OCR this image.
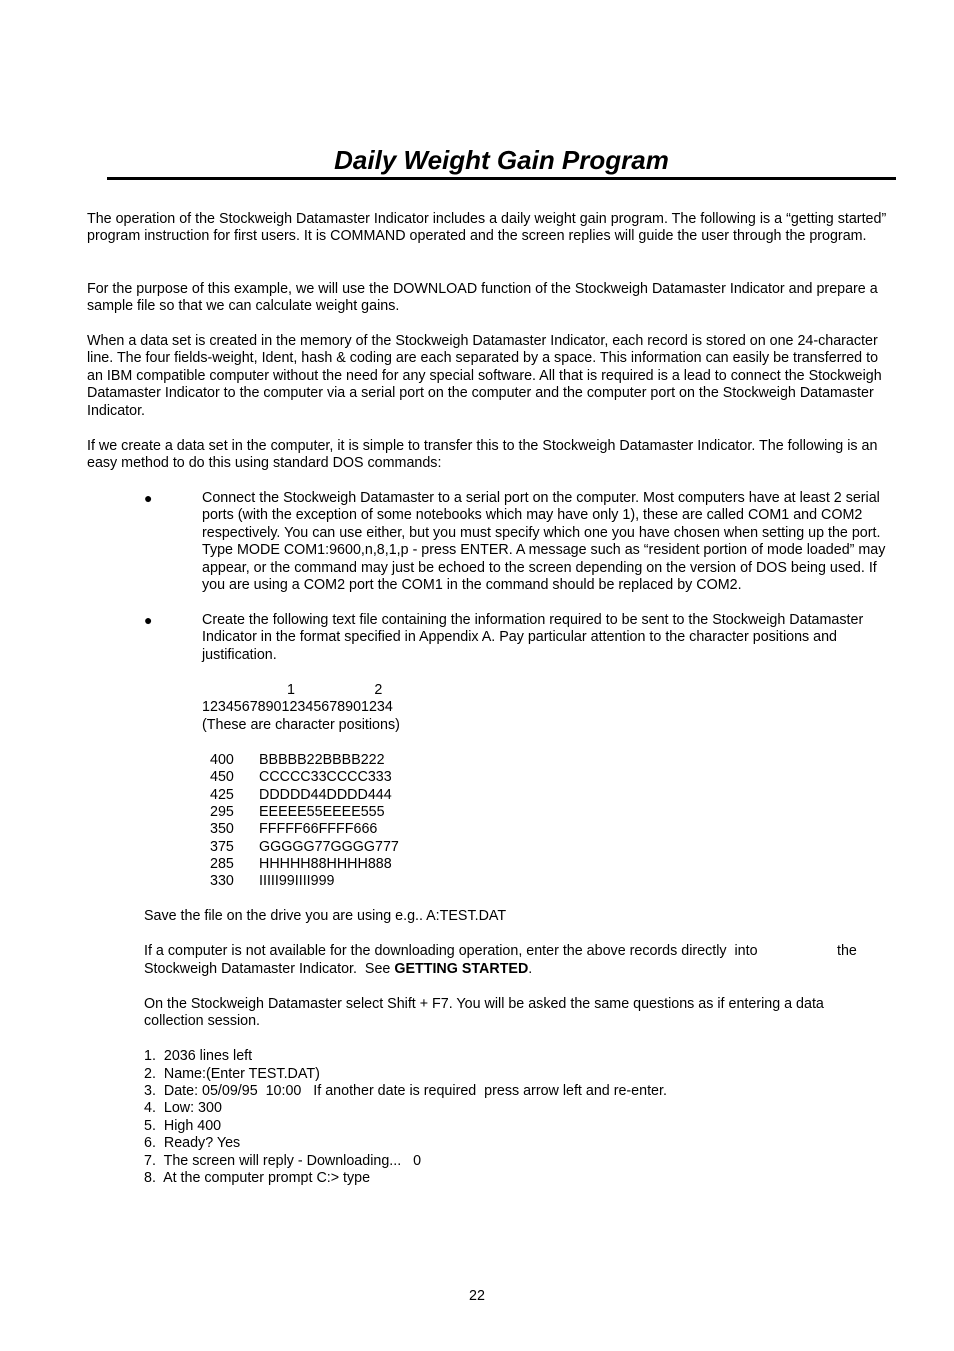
Daily Weight Gain Program

The operation of the Stockweigh Datamaster Indicator includes a daily weight gain program. The following is a “getting started” program instruction for first users. It is COMMAND operated and the screen replies will guide the user through the program.

For the purpose of this example, we will use the DOWNLOAD function of the Stockweigh Datamaster Indicator and prepare a sample file so that we can calculate weight gains.

When a data set is created in the memory of the Stockweigh Datamaster Indicator, each record is stored on one 24-character line. The four fields-weight, Ident, hash & coding are each separated by a space. This information can easily be transferred to an IBM compatible computer without the need for any special software. All that is required is a lead to connect the Stockweigh Datamaster Indicator to the computer via a serial port on the computer and the computer port on the Stockweigh Datamaster Indicator.

If we create a data set in the computer, it is simple to transfer this to the Stockweigh Datamaster Indicator. The following is an easy method to do this using standard DOS commands:

●	Connect the Stockweigh Datamaster to a serial port on the computer. Most computers have at least 2 serial ports (with the exception of some notebooks which may have only 1), these are called COM1 and COM2 respectively. You can use either, but you must specify which one you have chosen when setting up the port. Type MODE COM1:9600,n,8,1,p - press ENTER. A message such as “resident portion of mode loaded” may appear, or the command may just be echoed to the screen depending on the version of DOS being used. If you are using a COM2 port the COM1 in the command should be replaced by COM2.

●	Create the following text file containing the information required to be sent to the Stockweigh Datamaster Indicator in the format specified in Appendix A. Pay particular attention to the character positions and justification.

1                    2
123456789012345678901234
(These are character positions)
400 BBBBB22BBBB222
450 CCCCC33CCCC333
425 DDDDD44DDDD444
295 EEEEE55EEEE555
350 FFFFF66FFFF666
375 GGGGG77GGGG777
285 HHHHH88HHHH888
330 IIIII99IIII999
Save the file on the drive you are using e.g.. A:TEST.DAT
If a computer is not available for the downloading operation, enter the above records directly  into	the
Stockweigh Datamaster Indicator.  See GETTING STARTED.

On the Stockweigh Datamaster select Shift + F7. You will be asked the same questions as if entering a data collection session.

1.  2036 lines left
2.  Name:(Enter TEST.DAT)
3.  Date: 05/09/95  10:00   If another date is required  press arrow left and re-enter.
4.  Low: 300
5.  High 400
6.  Ready? Yes
7.  The screen will reply - Downloading...   0
8.  At the computer prompt C:> type
22
